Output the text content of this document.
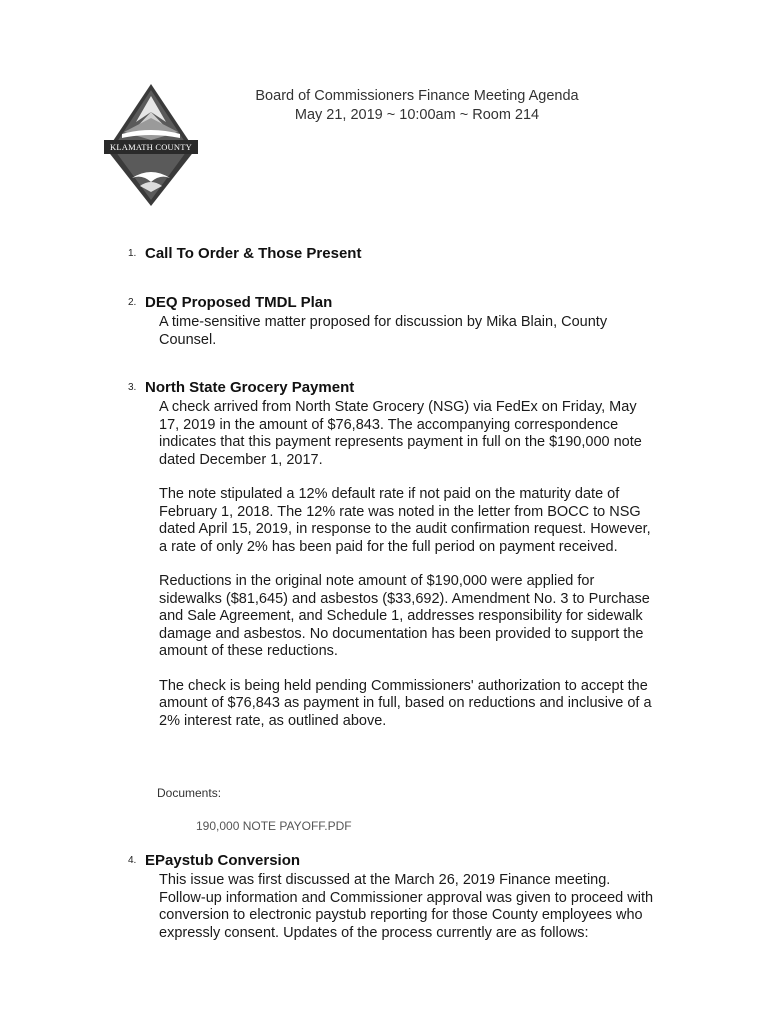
KLAMATH COUNTY
Board of Commissioners Finance Meeting Agenda
May 21, 2019 ~ 10:00am ~ Room 214
1. Call To Order & Those Present
2. DEQ Proposed TMDL Plan

A time-sensitive matter proposed for discussion by Mika Blain, County Counsel.

3. North State Grocery Payment

A check arrived from North State Grocery (NSG) via FedEx on Friday, May 17, 2019 in the amount of $76,843. The accompanying correspondence indicates that this payment represents payment in full on the $190,000 note dated December 1, 2017.

The note stipulated a 12% default rate if not paid on the maturity date of February 1, 2018. The 12% rate was noted in the letter from BOCC to NSG dated April 15, 2019, in response to the audit confirmation request. However, a rate of only 2% has been paid for the full period on payment received.

Reductions in the original note amount of $190,000 were applied for sidewalks ($81,645) and asbestos ($33,692). Amendment No. 3 to Purchase and Sale Agreement, and Schedule 1, addresses responsibility for sidewalk damage and asbestos. No documentation has been provided to support the amount of these reductions.

The check is being held pending Commissioners' authorization to accept the amount of $76,843 as payment in full, based on reductions and inclusive of a 2% interest rate, as outlined above.

Documents:
190,000 NOTE PAYOFF.PDF
4. EPaystub Conversion

This issue was first discussed at the March 26, 2019 Finance meeting. Follow-up information and Commissioner approval was given to proceed with conversion to electronic paystub reporting for those County employees who expressly consent. Updates of the process currently are as follows:
